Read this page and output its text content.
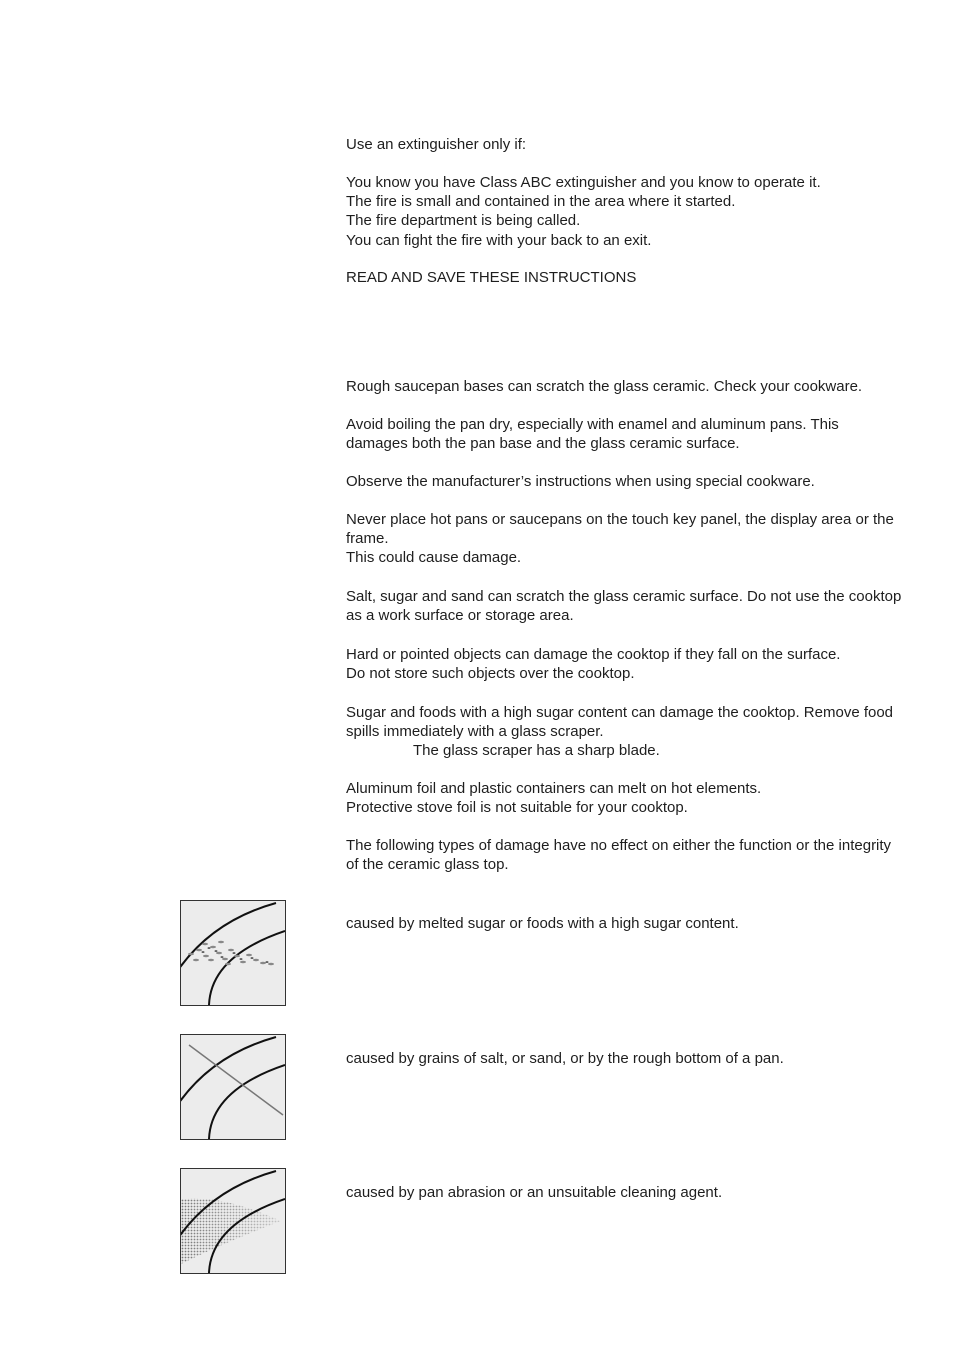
Use an extinguisher only if:

You know you have Class ABC extinguisher and you know to operate it.
The fire is small and contained in the area where it started.
The fire department is being called.
You can fight the fire with your back to an exit.

READ AND SAVE THESE INSTRUCTIONS

Rough saucepan bases can scratch the glass ceramic. Check your cookware.

Avoid boiling the pan dry, especially with enamel and aluminum pans. This
damages both the pan base and the glass ceramic surface.

Observe the manufacturer’s instructions when using special cookware.

Never place hot pans or saucepans on the touch key panel, the display area or the
frame.
This could cause damage.

Salt, sugar and sand can scratch the glass ceramic surface. Do not use the cooktop
as a work surface or storage area.

Hard or pointed objects can damage the cooktop if they fall on the surface.
Do not store such objects over the cooktop.

Sugar and foods with a high sugar content can damage the cooktop. Remove food
spills immediately with a glass scraper.
The glass scraper has a sharp blade.

Aluminum foil and plastic containers can melt on hot elements.
Protective stove foil is not suitable for your cooktop.

The following types of damage have no effect on either the function or the integrity
of the ceramic glass top.

caused by melted sugar or foods with a high sugar content.

caused by grains of salt, or sand, or by the rough bottom of a pan.

caused by pan abrasion or an unsuitable cleaning agent.
